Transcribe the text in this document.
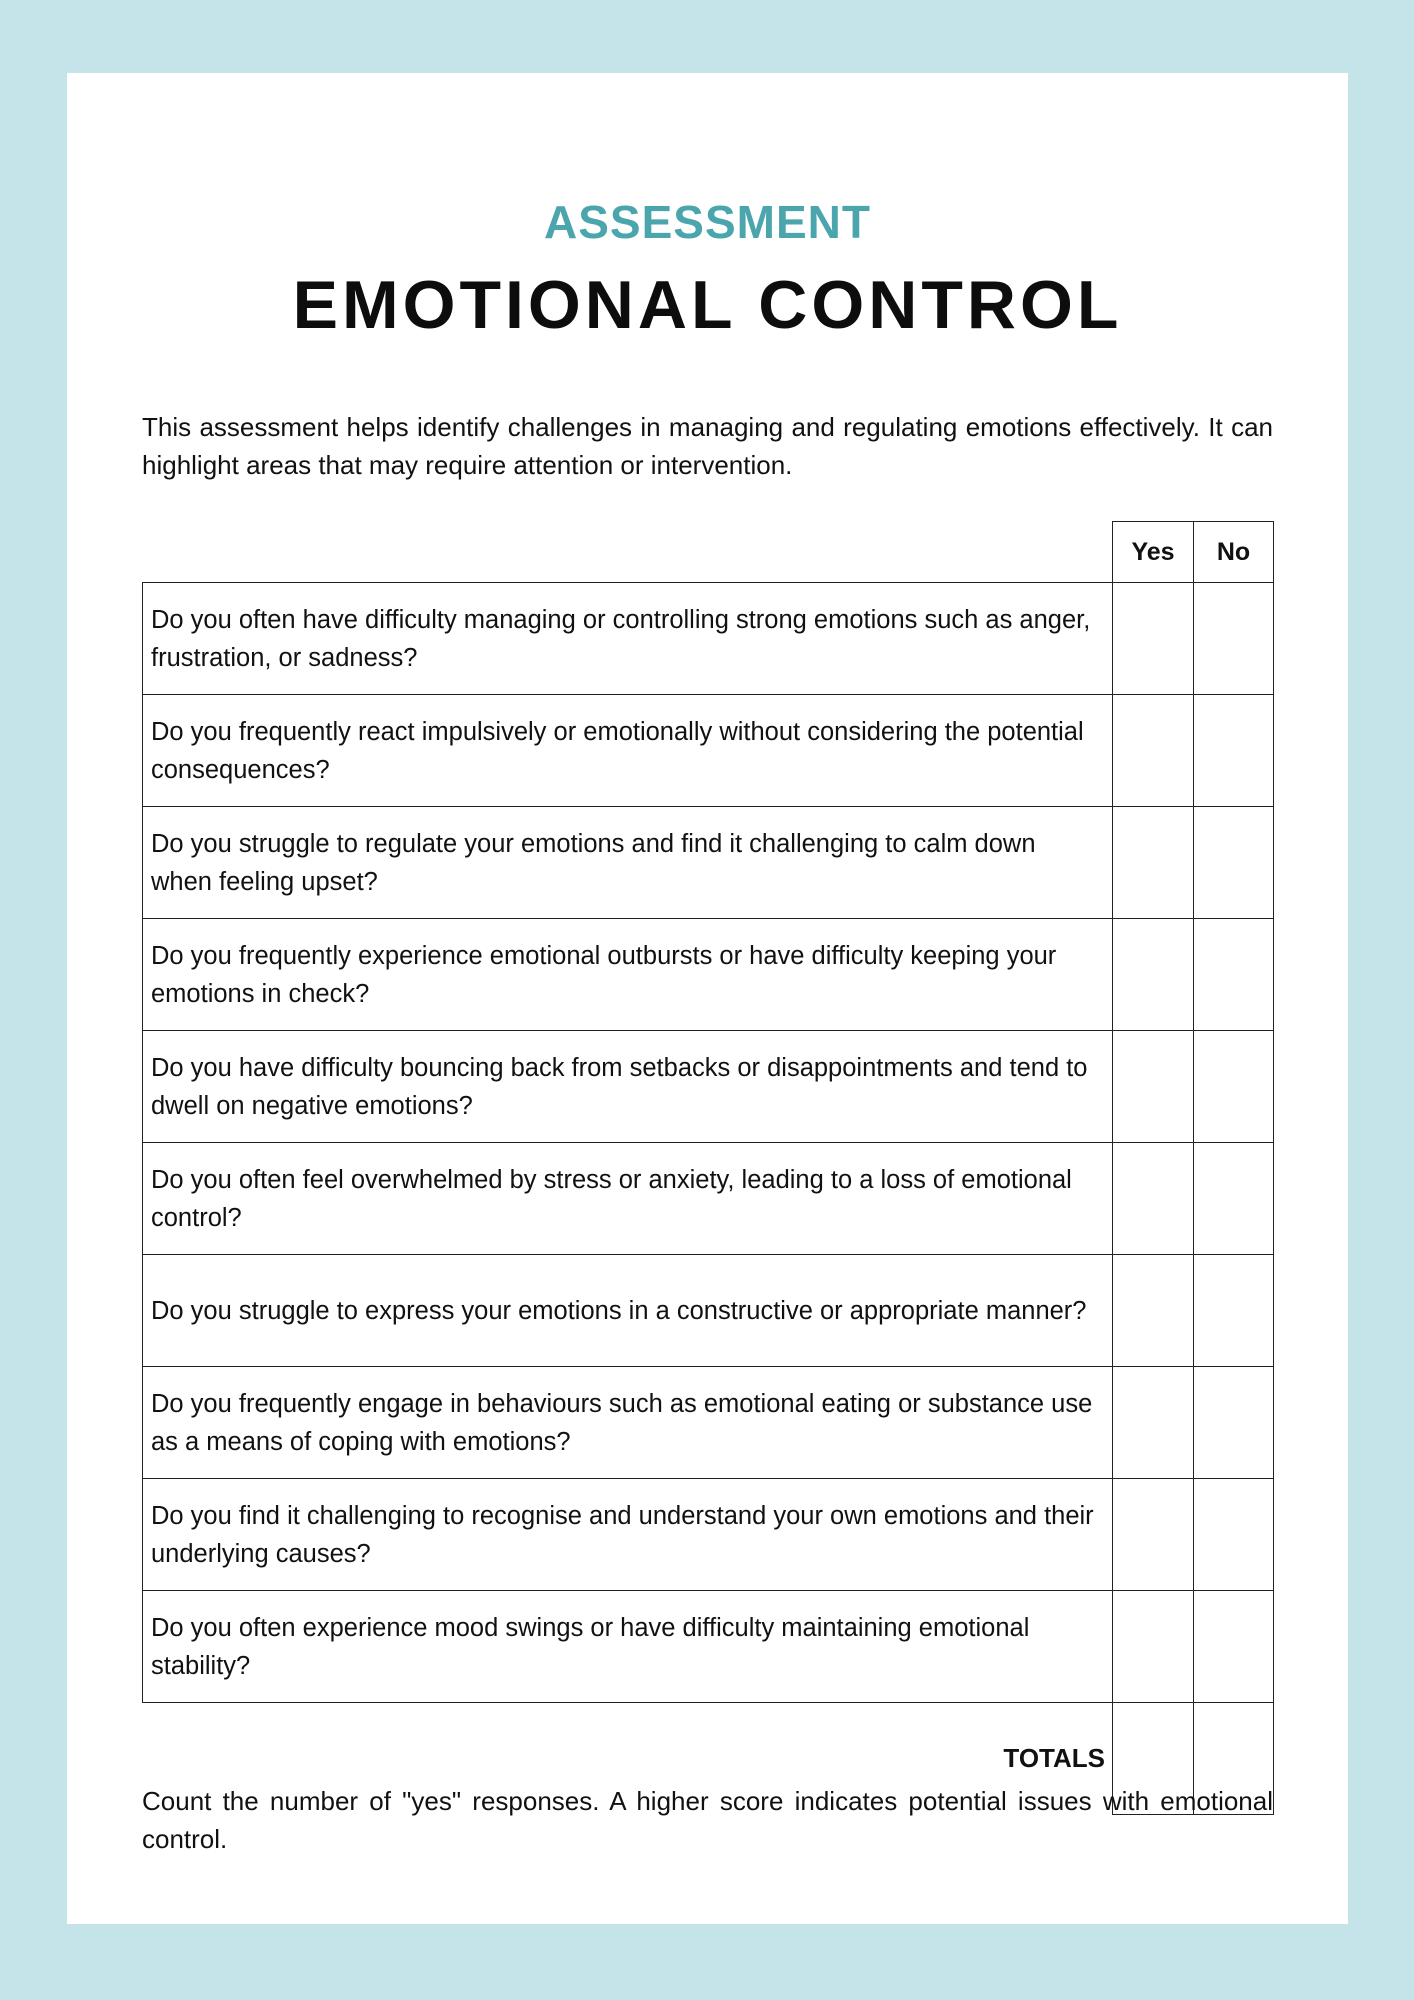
ASSESSMENT
EMOTIONAL CONTROL

This assessment helps identify challenges in managing and regulating emotions effectively. It can highlight areas that may require attention or intervention.

	Yes	No
Do you often have difficulty managing or controlling strong emotions such as anger, frustration, or sadness?		
Do you frequently react impulsively or emotionally without considering the potential consequences?		
Do you struggle to regulate your emotions and find it challenging to calm down when feeling upset?		
Do you frequently experience emotional outbursts or have difficulty keeping your emotions in check?		
Do you have difficulty bouncing back from setbacks or disappointments and tend to dwell on negative emotions?		
Do you often feel overwhelmed by stress or anxiety, leading to a loss of emotional control?		
Do you struggle to express your emotions in a constructive or appropriate manner?		
Do you frequently engage in behaviours such as emotional eating or substance use as a means of coping with emotions?		
Do you find it challenging to recognise and understand your own emotions and their underlying causes?		
Do you often experience mood swings or have difficulty maintaining emotional stability?		
TOTALS		

Count the number of "yes" responses. A higher score indicates potential issues with emotional control.
